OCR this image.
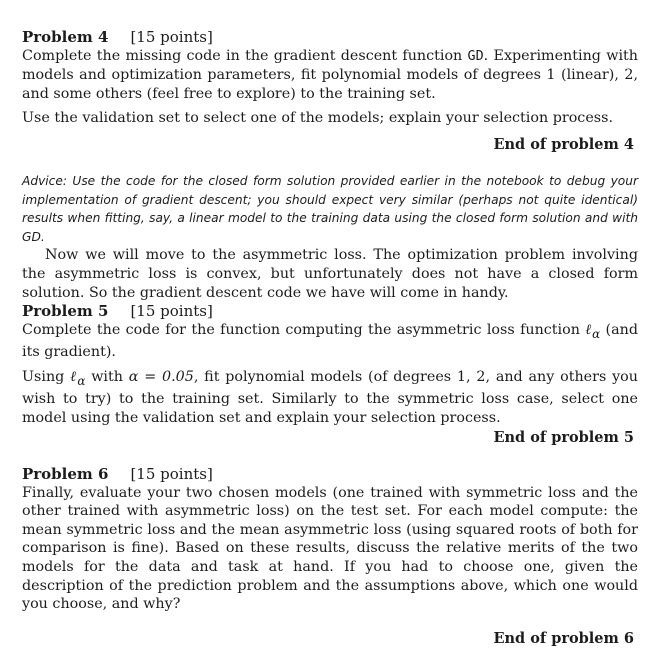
Problem 4 [15 points]

Complete the missing code in the gradient descent function GD. Experimenting with models and optimization parameters, fit polynomial models of degrees 1 (linear), 2, and some others (feel free to explore) to the training set.

Use the validation set to select one of the models; explain your selection process.

End of problem 4

Advice: Use the code for the closed form solution provided earlier in the notebook to debug your implementation of gradient descent; you should expect very similar (perhaps not quite identical) results when fitting, say, a linear model to the training data using the closed form solution and with GD.

Now we will move to the asymmetric loss. The optimization problem involving the asymmetric loss is convex, but unfortunately does not have a closed form solution. So the gradient descent code we have will come in handy.

Problem 5 [15 points]

Complete the code for the function computing the asymmetric loss function ℓ$_\alpha$ (and its gradient).

Using ℓ$_\alpha$ with α = 0.05, fit polynomial models (of degrees 1, 2, and any others you wish to try) to the training set. Similarly to the symmetric loss case, select one model using the validation set and explain your selection process.

End of problem 5
Problem 6 [15 points]

Finally, evaluate your two chosen models (one trained with symmetric loss and the other trained with asymmetric loss) on the test set. For each model compute: the mean symmetric loss and the mean asymmetric loss (using squared roots of both for comparison is fine). Based on these results, discuss the relative merits of the two models for the data and task at hand. If you had to choose one, given the description of the prediction problem and the assumptions above, which one would you choose, and why?

End of problem 6
